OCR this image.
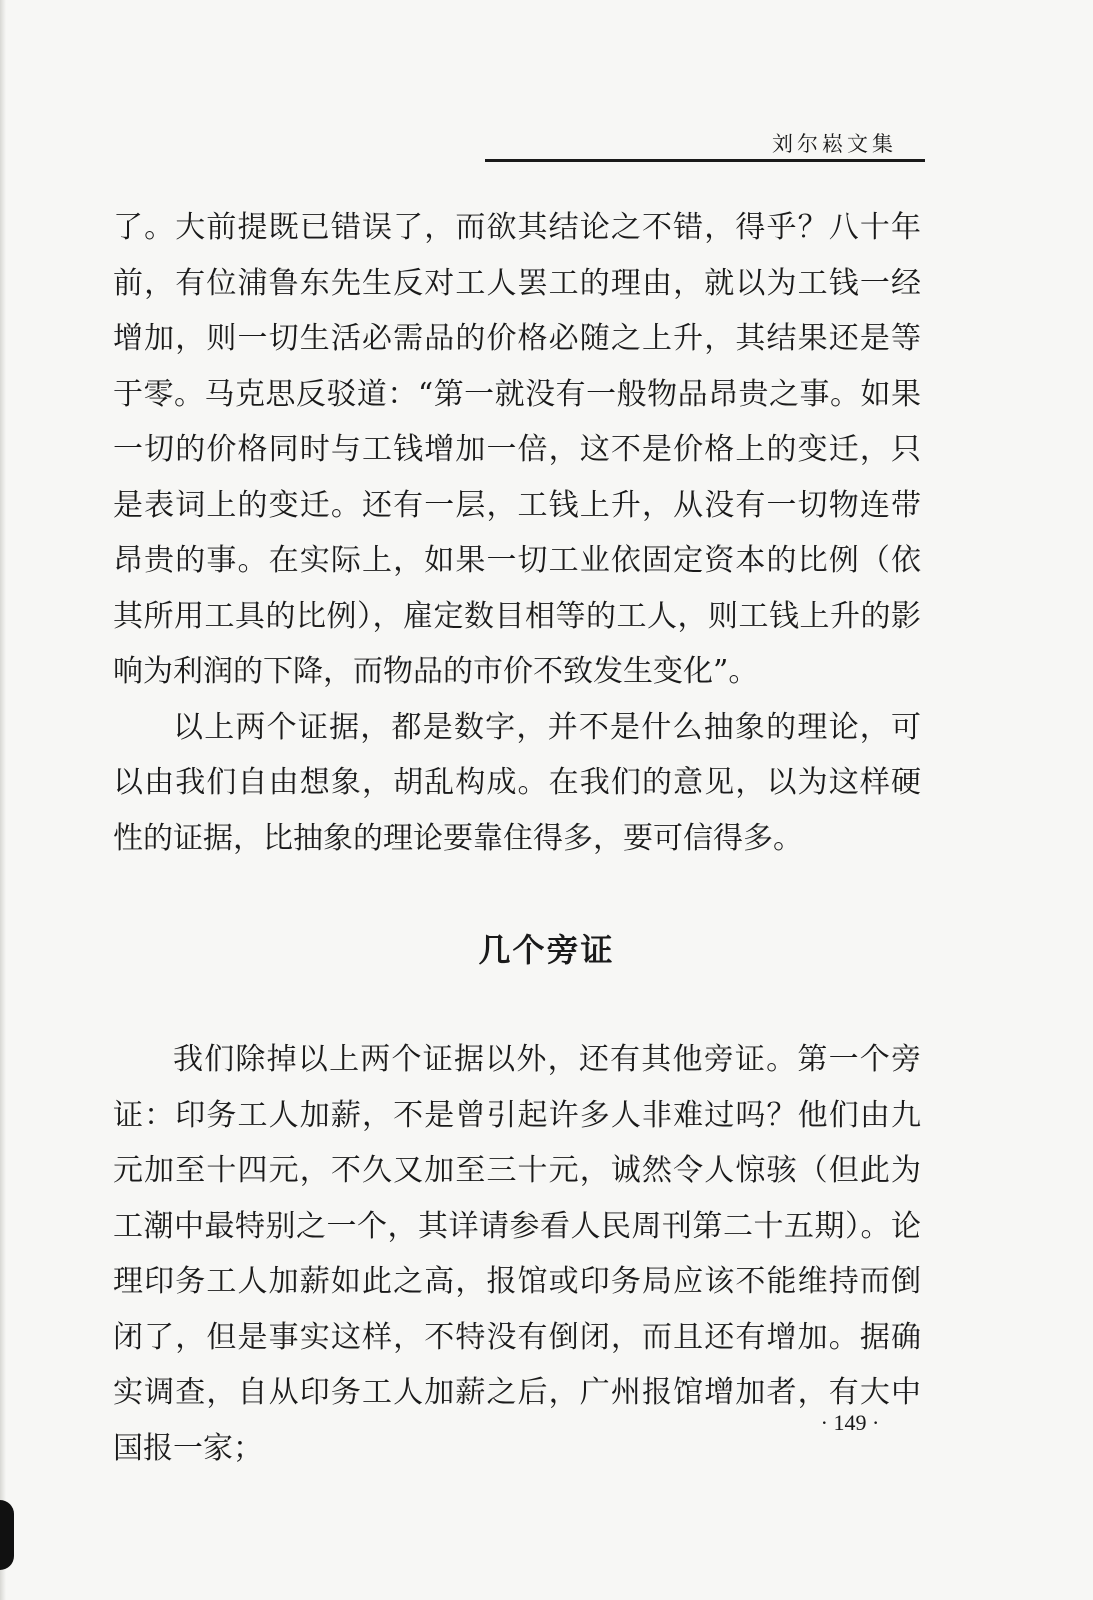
刘尔崧文集

了。大前提既已错误了，而欲其结论之不错，得乎？八十年前，有位浦鲁东先生反对工人罢工的理由，就以为工钱一经增加，则一切生活必需品的价格必随之上升，其结果还是等于零。马克思反驳道：“第一就没有一般物品昂贵之事。如果一切的价格同时与工钱增加一倍，这不是价格上的变迁，只是表词上的变迁。还有一层，工钱上升，从没有一切物连带昂贵的事。在实际上，如果一切工业依固定资本的比例（依其所用工具的比例），雇定数目相等的工人，则工钱上升的影响为利润的下降，而物品的市价不致发生变化”。

以上两个证据，都是数字，并不是什么抽象的理论，可以由我们自由想象，胡乱构成。在我们的意见，以为这样硬性的证据，比抽象的理论要靠住得多，要可信得多。

几个旁证

我们除掉以上两个证据以外，还有其他旁证。第一个旁证：印务工人加薪，不是曾引起许多人非难过吗？他们由九元加至十四元，不久又加至三十元，诚然令人惊骇（但此为工潮中最特别之一个，其详请参看人民周刊第二十五期）。论理印务工人加薪如此之高，报馆或印务局应该不能维持而倒闭了，但是事实这样，不特没有倒闭，而且还有增加。据确实调查，自从印务工人加薪之后，广州报馆增加者，有大中国报一家；

· 149 ·
